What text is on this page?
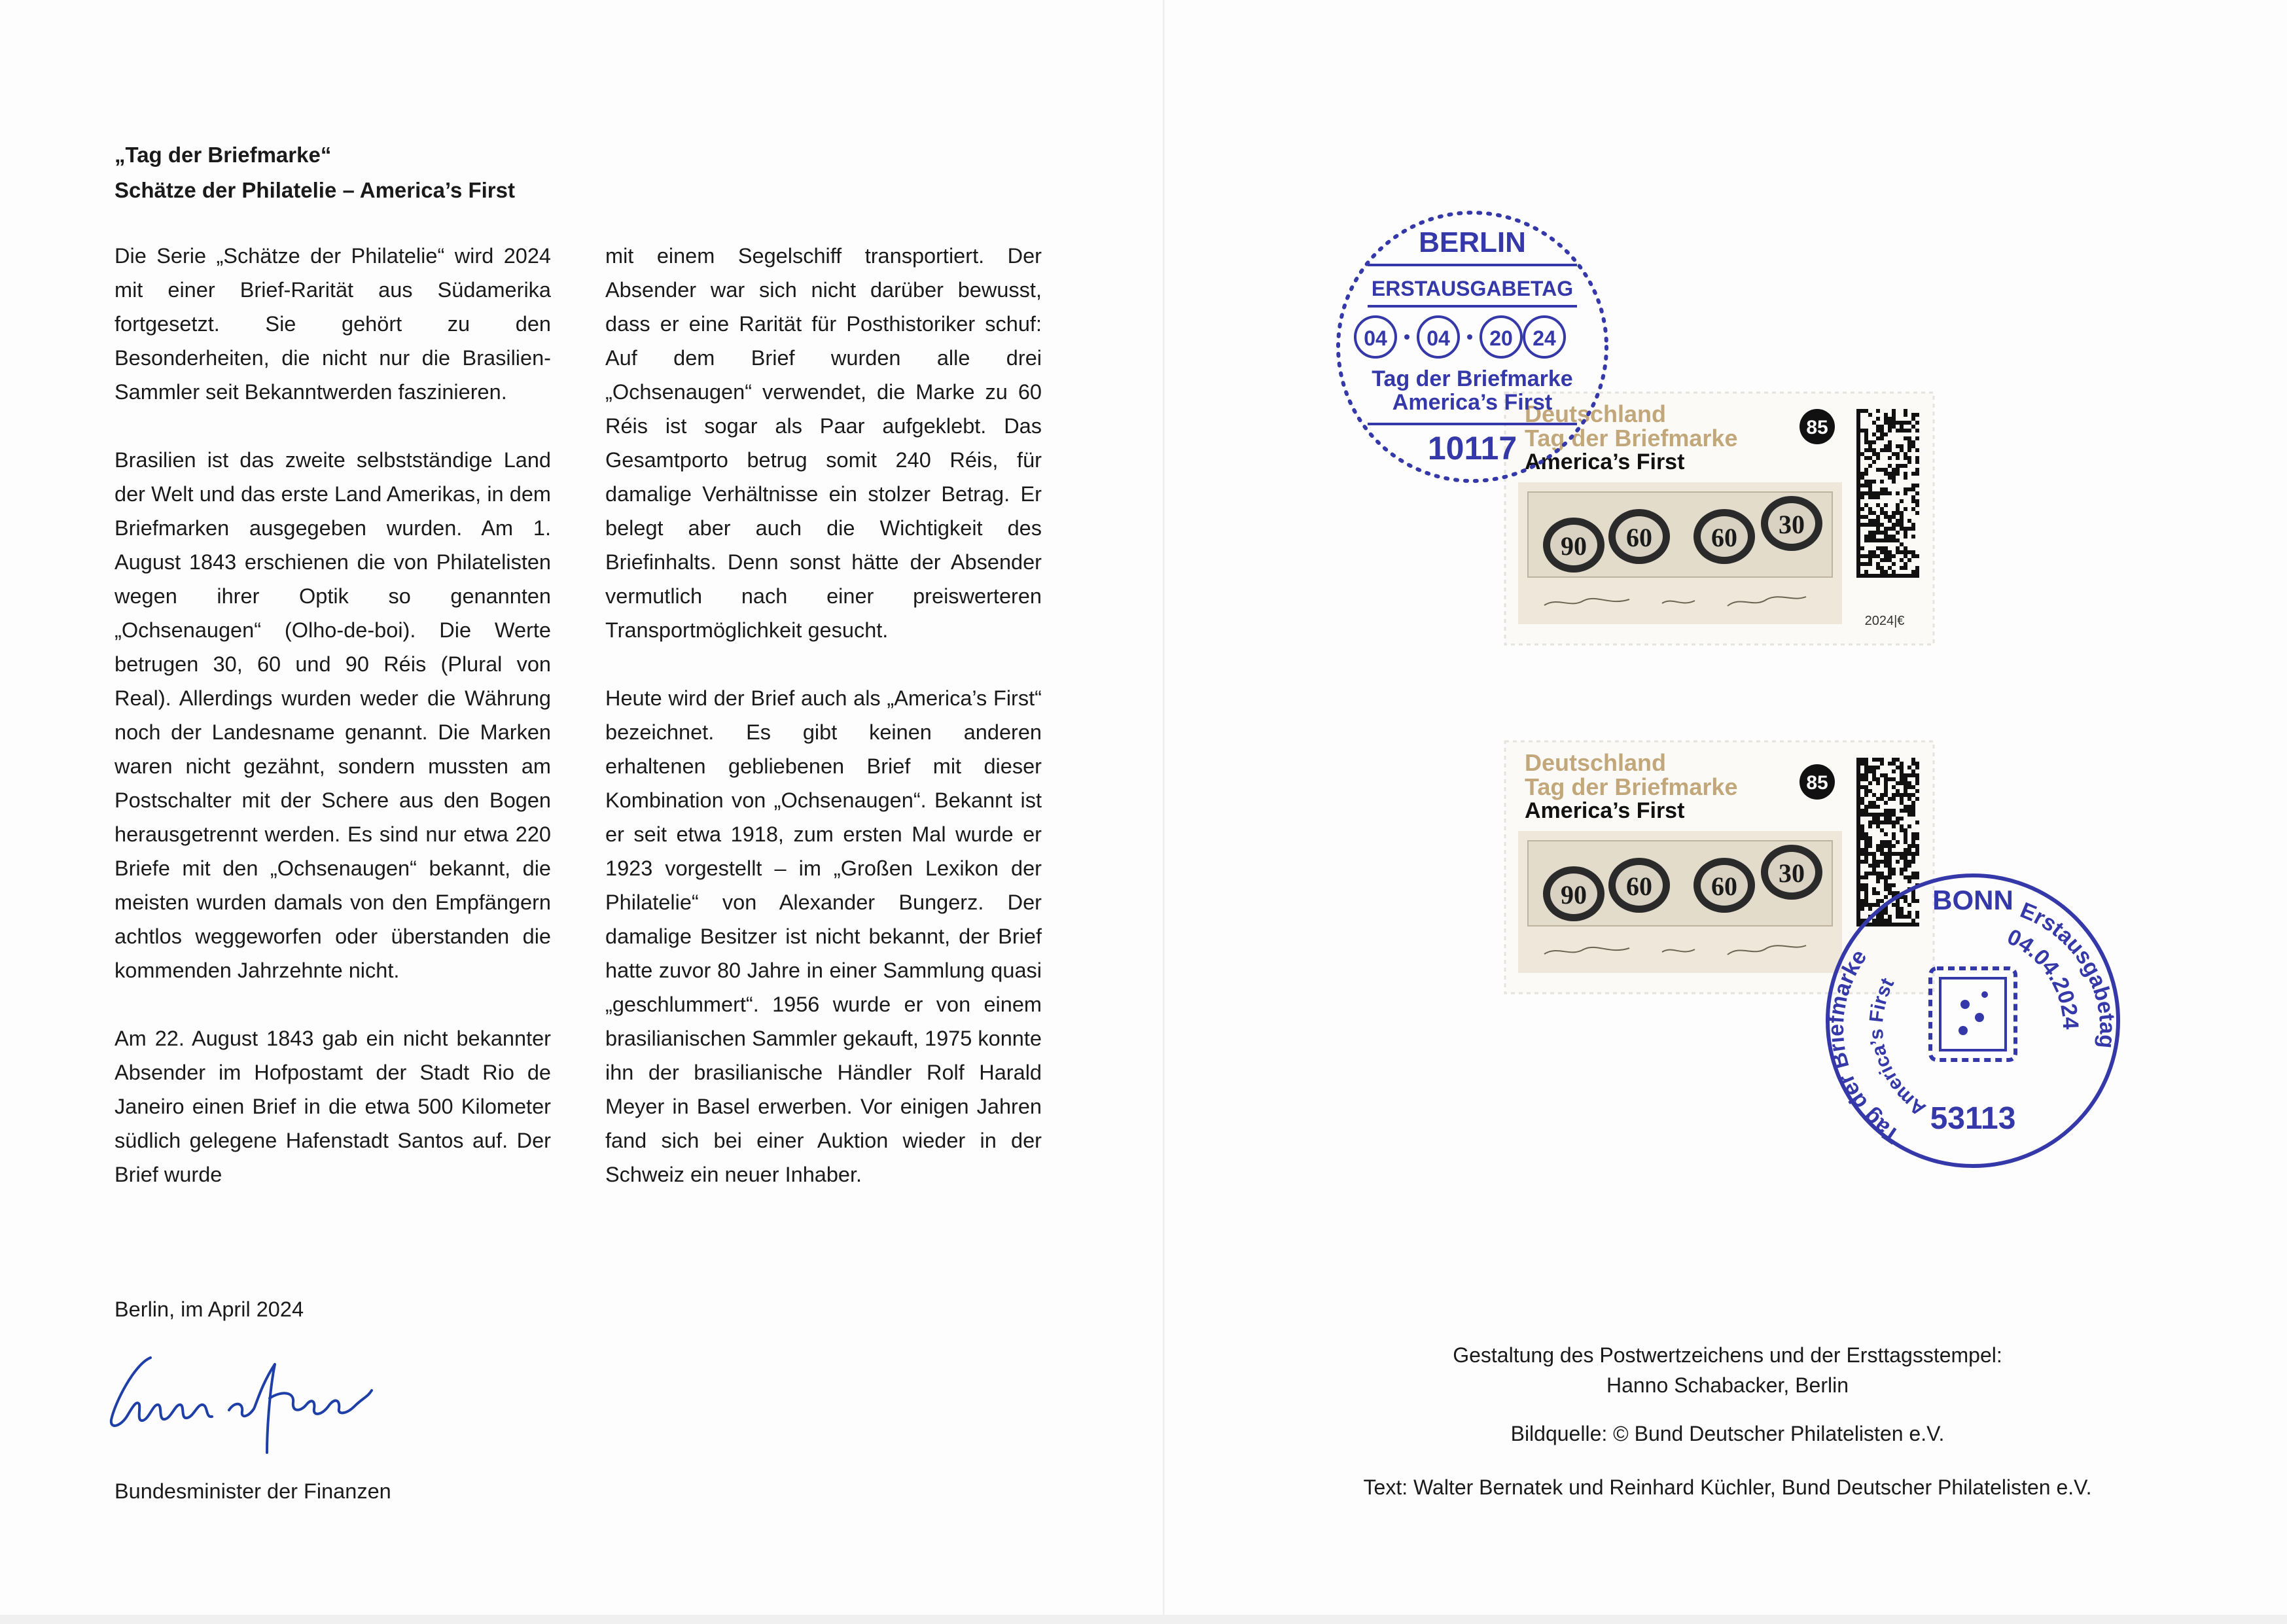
„Tag der Briefmarke“
Schätze der Philatelie – America’s First

Die Serie „Schätze der Philatelie“ wird 2024 mit einer Brief-Rarität aus Südamerika fortgesetzt. Sie gehört zu den Besonderheiten, die nicht nur die Brasilien-Sammler seit Bekanntwerden faszinieren.

Brasilien ist das zweite selbstständige Land der Welt und das erste Land Amerikas, in dem Briefmarken ausgegeben wurden. Am 1. August 1843 erschienen die von Philatelisten wegen ihrer Optik so genannten „Ochsenaugen“ (Olho-de-boi). Die Werte betrugen 30, 60 und 90 Réis (Plural von Real). Allerdings wurden weder die Währung noch der Landesname genannt. Die Marken waren nicht gezähnt, sondern mussten am Postschalter mit der Schere aus den Bogen herausgetrennt werden. Es sind nur etwa 220 Briefe mit den „Ochsenaugen“ bekannt, die meisten wurden damals von den Empfängern achtlos weggeworfen oder überstanden die kommenden Jahrzehnte nicht.

Am 22. August 1843 gab ein nicht bekannter Absender im Hofpostamt der Stadt Rio de Janeiro einen Brief in die etwa 500 Kilometer südlich gelegene Hafenstadt Santos auf. Der Brief wurde

mit einem Segelschiff transportiert. Der Absender war sich nicht darüber bewusst, dass er eine Rarität für Posthistoriker schuf: Auf dem Brief wurden alle drei „Ochsenaugen“ verwendet, die Marke zu 60 Réis ist sogar als Paar aufgeklebt. Das Gesamtporto betrug somit 240 Réis, für damalige Verhältnisse ein stolzer Betrag. Er belegt aber auch die Wichtigkeit des Briefinhalts. Denn sonst hätte der Absender vermutlich nach einer preiswerteren Transportmöglichkeit gesucht.

Heute wird der Brief auch als „America’s First“ bezeichnet. Es gibt keinen anderen erhaltenen gebliebenen Brief mit dieser Kombination von „Ochsenaugen“. Bekannt ist er seit etwa 1918, zum ersten Mal wurde er 1923 vorgestellt – im „Großen Lexikon der Philatelie“ von Alexander Bungerz. Der damalige Besitzer ist nicht bekannt, der Brief hatte zuvor 80 Jahre in einer Sammlung quasi „geschlummert“. 1956 wurde er von einem brasilianischen Sammler gekauft, 1975 konnte ihn der brasilianische Händler Rolf Harald Meyer in Basel erwerben. Vor einigen Jahren fand sich bei einer Auktion wieder in der Schweiz ein neuer Inhaber.

Berlin, im April 2024
Bundesminister der Finanzen
Deutschland
Tag der Briefmarke
America’s First
85
90 60 60 30
2024|€
Deutschland
Tag der Briefmarke
America’s First
85
90 60 60 30
BERLIN
ERSTAUSGABETAG
04 04 20 24
Tag der Briefmarke
America’s First
10117
BONN
Tag der Briefmarke
America’s First
Erstausgabetag
04.04.2024
53113
Gestaltung des Postwertzeichens und der Ersttagsstempel:
Hanno Schabacker, Berlin
Bildquelle: © Bund Deutscher Philatelisten e.V.
Text: Walter Bernatek und Reinhard Küchler, Bund Deutscher Philatelisten e.V.
